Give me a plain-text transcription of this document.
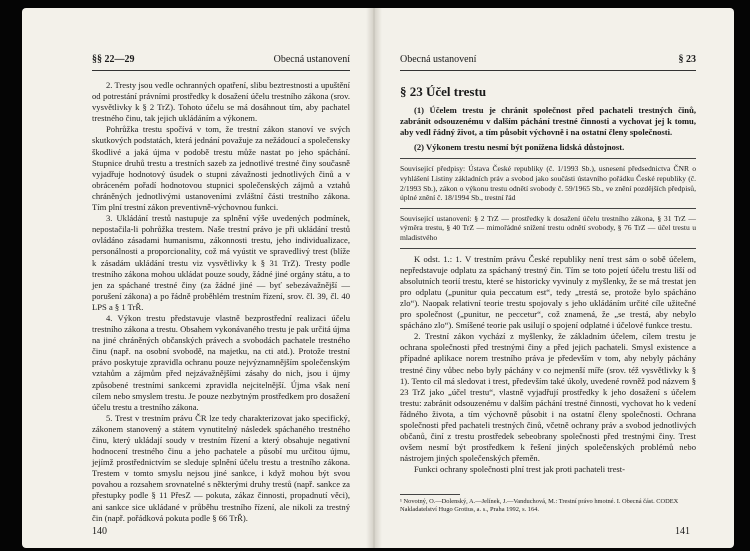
§§ 22—29	Obecná ustanovení

2. Tresty jsou vedle ochranných opatření, slibu beztrestnosti a upuštění od potrestání právními prostředky k dosažení účelu trestního zákona (srov. vysvětlivky k § 2 TrZ). Tohoto účelu se má dosáhnout tím, aby pachatel trestného činu, tak jejich ukládáním a výkonem.

Pohrůžka trestu spočívá v tom, že trestní zákon stanoví ve svých skutkových podstatách, která jednání považuje za nežádoucí a společensky škodlivé a jaká újma v podobě trestu může nastat po jeho spáchání. Stupnice druhů trestu a trestních sazeb za jednotlivé trestné činy současně vyjadřuje hodnotový úsudek o stupni závažnosti jednotlivých činů a v obráceném pořadí hodnotovou stupnici společenských zájmů a vztahů chráněných jednotlivými ustanoveními zvláštní části trestního zákona. Tím plní trestní zákon preventivně-výchovnou funkci.

3. Ukládání trestů nastupuje za splnění výše uvedených podmínek, nepostačila-li pohrůžka trestem. Naše trestní právo je při ukládání trestů ovládáno zásadami humanismu, zákonnosti trestu, jeho individualizace, personálnosti a proporcionality, což má vyústit ve spravedlivý trest (blíže k zásadám ukládání trestu viz vysvětlivky k § 31 TrZ). Tresty podle trestního zákona mohou ukládat pouze soudy, žádné jiné orgány státu, a to jen za spáchané trestné činy (za žádné jiné — byť sebezávažnější — porušení zákona) a po řádně proběhlém trestním řízení, srov. čl. 39, čl. 40 LPS a § 1 TrŘ.

4. Výkon trestu představuje vlastně bezprostřední realizaci účelu trestního zákona a trestu. Obsahem vykonávaného trestu je pak určitá újma na jiné chráněných občanských právech a svobodách pachatele trestného činu (např. na osobní svobodě, na majetku, na cti atd.). Protože trestní právo poskytuje zpravidla ochranu pouze nejvýznamnějším společenským vztahům a zájmům před nejzávažnějšími zásahy do nich, jsou i újmy způsobené trestními sankcemi zpravidla nejcitelnější. Újma však není cílem nebo smyslem trestu. Je pouze nezbytným prostředkem pro dosažení účelu trestu a trestního zákona.

5. Trest v trestním právu ČR lze tedy charakterizovat jako specifický, zákonem stanovený a státem vynutitelný následek spáchaného trestného činu, který ukládají soudy v trestním řízení a který obsahuje negativní hodnocení trestného činu a jeho pachatele a působí mu určitou újmu, jejímž prostřednictvím se sleduje splnění účelu trestu a trestního zákona. Trestem v tomto smyslu nejsou jiné sankce, i když mohou být svou povahou a rozsahem srovnatelné s některými druhy trestů (např. sankce za přestupky podle § 11 PřesZ — pokuta, zákaz činnosti, propadnutí věci), ani sankce sice ukládané v průběhu trestního řízení, ale nikoli za trestný čin (např. pořádková pokuta podle § 66 TrŘ).

140
Obecná ustanovení	§ 23
§ 23 Účel trestu

(1) Účelem trestu je chránit společnost před pachateli trestných činů, zabránit odsouzenému v dalším páchání trestné činnosti a vychovat jej k tomu, aby vedl řádný život, a tím působit výchovně i na ostatní členy společnosti.

(2) Výkonem trestu nesmí být ponížena lidská důstojnost.

Související předpisy: Ústava České republiky (č. 1/1993 Sb.), usnesení předsednictva ČNR o vyhlášení Listiny základních práv a svobod jako součásti ústavního pořádku České republiky (č. 2/1993 Sb.), zákon o výkonu trestu odnětí svobody č. 59/1965 Sb., ve znění pozdějších předpisů, úplné znění č. 18/1994 Sb., trestní řád

Související ustanovení: § 2 TrZ — prostředky k dosažení účelu trestního zákona, § 31 TrZ — výměra trestu, § 40 TrZ — mimořádné snížení trestu odnětí svobody, § 76 TrZ — účel trestu u mladistvého

K odst. 1.: 1. V trestním právu České republiky není trest sám o sobě účelem, nepředstavuje odplatu za spáchaný trestný čin. Tím se toto pojetí účelu trestu liší od absolutních teorií trestu, které se historicky vyvinuly z myšlenky, že se má trestat jen pro odplatu („punitur quia peccatum est“, tedy „trestá se, protože bylo spácháno zlo“). Naopak relativní teorie trestu spojovaly s jeho ukládáním určité cíle užitečné pro společnost („punitur, ne peccetur“, což znamená, že „se trestá, aby nebylo spácháno zlo“). Smíšené teorie pak usilují o spojení odplatné i účelové funkce trestu.

2. Trestní zákon vychází z myšlenky, že základním účelem, cílem trestu je ochrana společnosti před trestnými činy a před jejich pachateli. Smysl existence a případné aplikace norem trestního práva je především v tom, aby nebyly páchány trestné činy vůbec nebo byly páchány v co nejmenší míře (srov. též vysvětlivky k § 1). Tento cíl má sledovat i trest, především také úkoly, uvedené rovněž pod názvem § 23 TrZ jako „účel trestu“, vlastně vyjadřují prostředky k jeho dosažení s účelem trestu: zabránit odsouzenému v dalším páchání trestné činnosti, vychovat ho k vedení řádného života, a tím výchovně působit i na ostatní členy společnosti. Ochrana společnosti před pachateli trestných činů, včetně ochrany práv a svobod jednotlivých občanů, činí z trestu prostředek sebeobrany společnosti před trestnými činy. Trest ovšem nesmí být prostředkem k řešení jiných společenských problémů nebo nástrojem jiných společenských přeměn.

Funkci ochrany společnosti plní trest jak proti pachateli trest-

¹ Novotný, O.—Dolenský, A.—Jelínek, J.—Vanduchová, M.: Trestní právo hmotné. I. Obecná část. CODEX Nakladatelství Hugo Grotius, a. s., Praha 1992, s. 164.
141
